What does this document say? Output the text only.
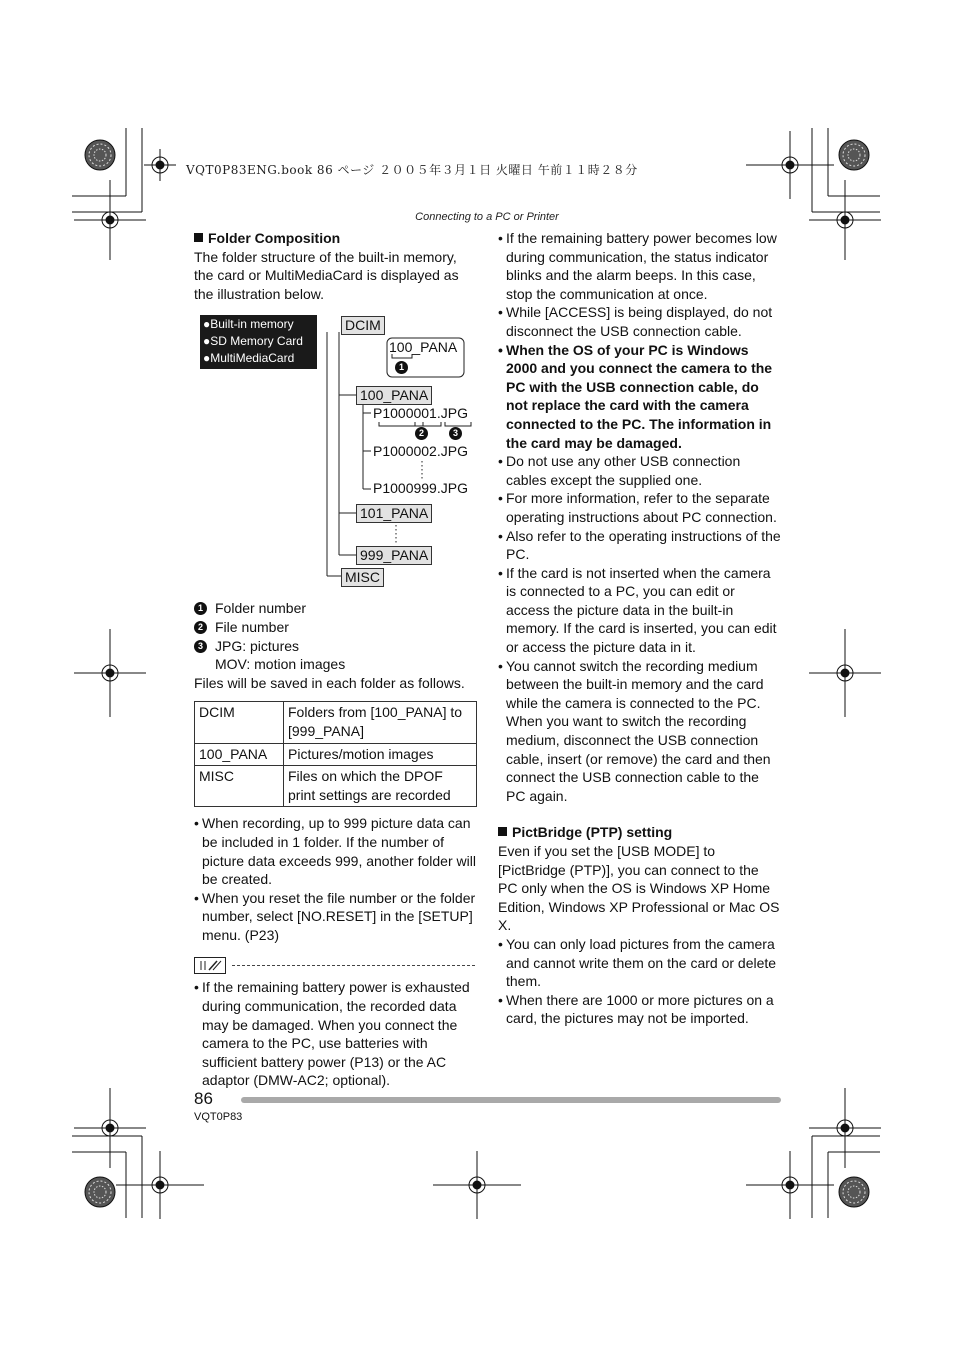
VQT0P83ENG.book 86 ページ ２００５年３月１日 火曜日 午前１１時２８分
Connecting to a PC or Printer
Folder Composition

The folder structure of the built-in memory, the card or MultiMediaCard is displayed as the illustration below.

1 Folder number
2 File number
3 JPG: pictures
MOV: motion images

Files will be saved in each folder as follows.

DCIM	Folders from [100_PANA] to [999_PANA]
100_PANA	Pictures/motion images
MISC	Files on which the DPOF print settings are recorded
• When recording, up to 999 picture data can be included in 1 folder. If the number of picture data exceeds 999, another folder will be created.
• When you reset the file number or the folder number, select [NO.RESET] in the [SETUP] menu. (P23)
• If the remaining battery power is exhausted during communication, the recorded data may be damaged. When you connect the camera to the PC, use batteries with sufficient battery power (P13) or the AC adaptor (DMW-AC2; optional).
●Built-in memory
●SD Memory Card
●MultiMediaCard
DCIM
100_PANA
1
100_PANA
P1000001.JPG
2	3
P1000002.JPG
P1000999.JPG
101_PANA
999_PANA
MISC
• If the remaining battery power becomes low during communication, the status indicator blinks and the alarm beeps. In this case, stop the communication at once.
• While [ACCESS] is being displayed, do not disconnect the USB connection cable.
• When the OS of your PC is Windows 2000 and you connect the camera to the PC with the USB connection cable, do not replace the card with the camera connected to the PC. The information in the card may be damaged.
• Do not use any other USB connection cables except the supplied one.
• For more information, refer to the separate operating instructions about PC connection.
• Also refer to the operating instructions of the PC.
• If the card is not inserted when the camera is connected to a PC, you can edit or access the picture data in the built-in memory. If the card is inserted, you can edit or access the picture data in it.
• You cannot switch the recording medium between the built-in memory and the card while the camera is connected to the PC. When you want to switch the recording medium, disconnect the USB connection cable, insert (or remove) the card and then connect the USB connection cable to the PC again.
PictBridge (PTP) setting

Even if you set the [USB MODE] to [PictBridge (PTP)], you can connect to the PC only when the OS is Windows XP Home Edition, Windows XP Professional or Mac OS X.

• You can only load pictures from the camera and cannot write them on the card or delete them.
• When there are 1000 or more pictures on a card, the pictures may not be imported.
86
VQT0P83
